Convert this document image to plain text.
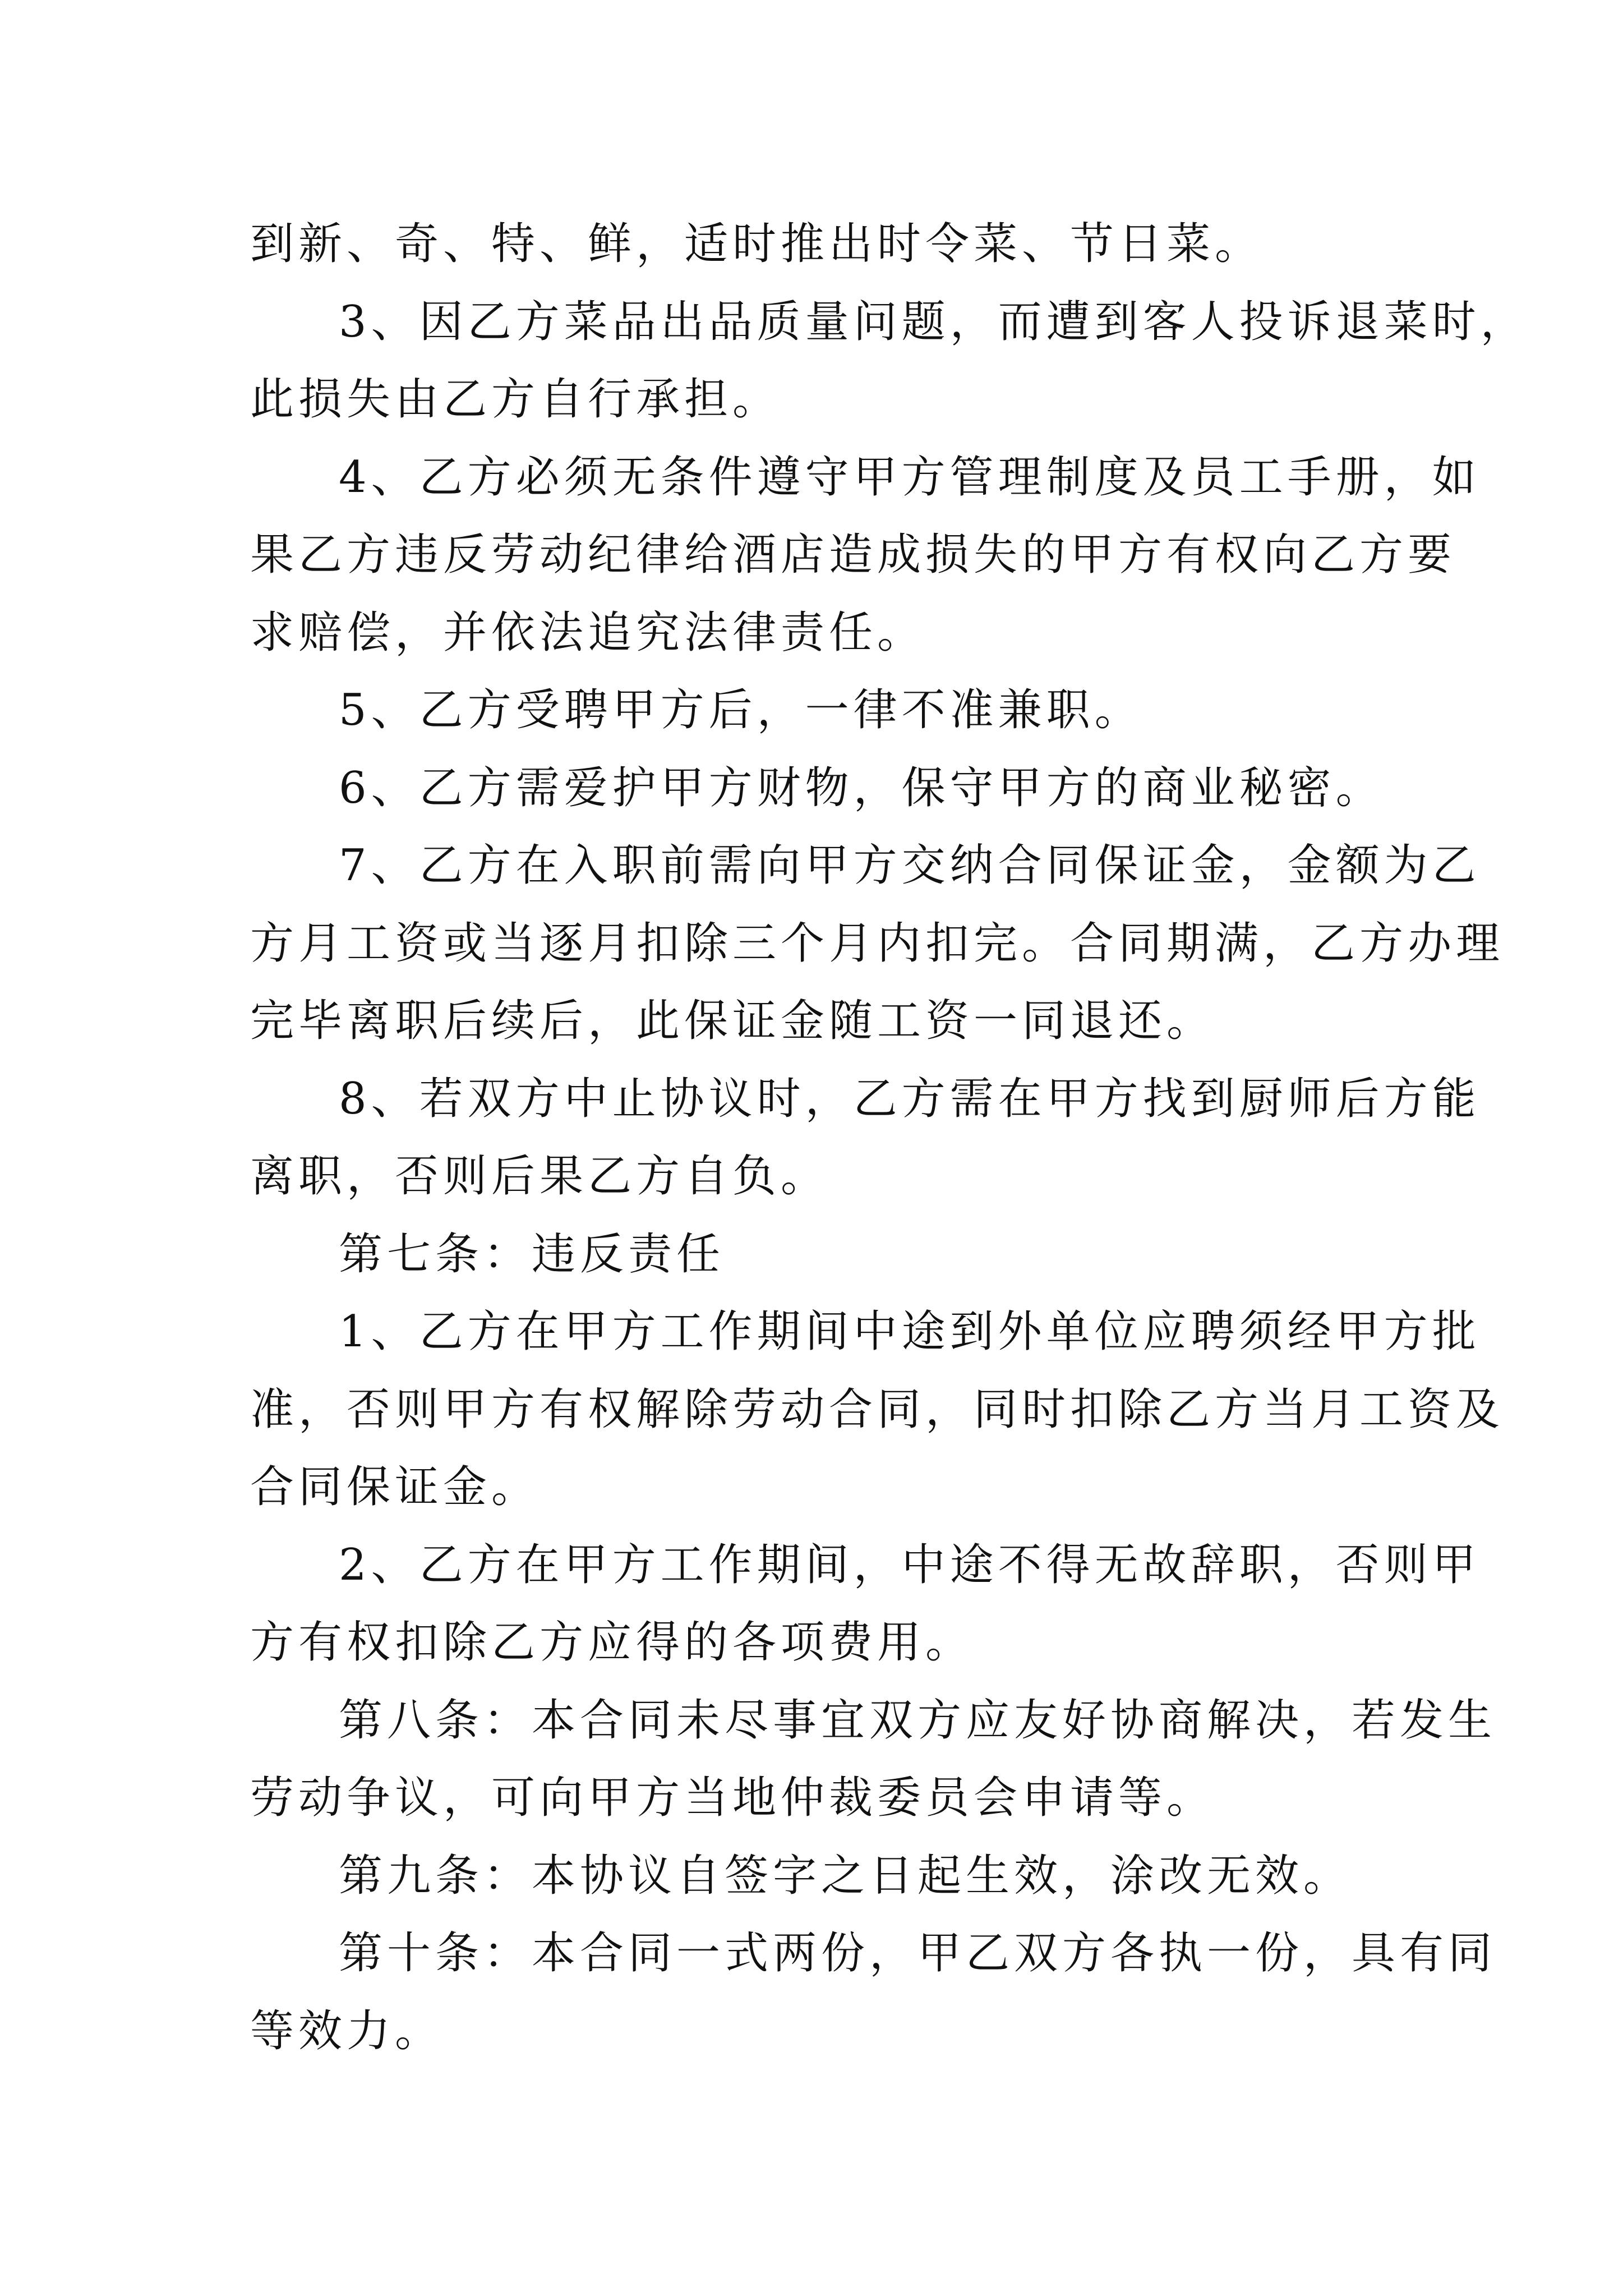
到新、奇、特、鲜，适时推出时令菜、节日菜。
3、因乙方菜品出品质量问题，而遭到客人投诉退菜时，
此损失由乙方自行承担。
4、乙方必须无条件遵守甲方管理制度及员工手册，如
果乙方违反劳动纪律给酒店造成损失的甲方有权向乙方要
求赔偿，并依法追究法律责任。
5、乙方受聘甲方后，一律不准兼职。
6、乙方需爱护甲方财物，保守甲方的商业秘密。
7、乙方在入职前需向甲方交纳合同保证金，金额为乙
方月工资或当逐月扣除三个月内扣完。合同期满，乙方办理
完毕离职后续后，此保证金随工资一同退还。
8、若双方中止协议时，乙方需在甲方找到厨师后方能
离职，否则后果乙方自负。
第七条：违反责任
1、乙方在甲方工作期间中途到外单位应聘须经甲方批
准，否则甲方有权解除劳动合同，同时扣除乙方当月工资及
合同保证金。
2、乙方在甲方工作期间，中途不得无故辞职，否则甲
方有权扣除乙方应得的各项费用。
第八条：本合同未尽事宜双方应友好协商解决，若发生
劳动争议，可向甲方当地仲裁委员会申请等。
第九条：本协议自签字之日起生效，涂改无效。
第十条：本合同一式两份，甲乙双方各执一份，具有同
等效力。
